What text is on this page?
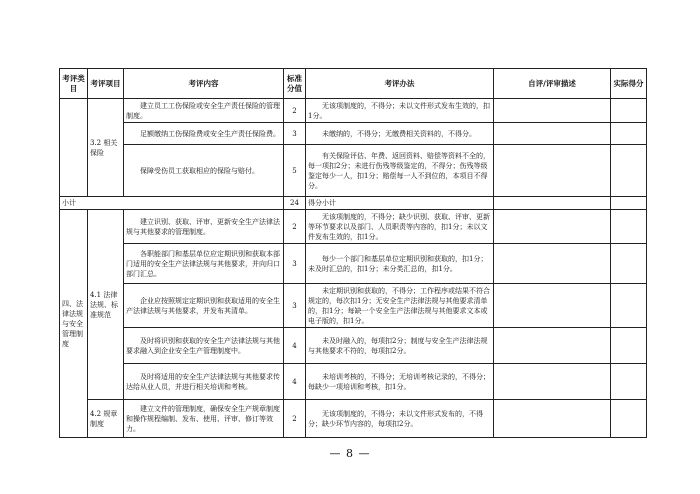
考评类目	考评项目	考评内容	标准分值	考评办法	自评/评审描述	实际得分
	3.2 相关保险	建立员工工伤保险或安全生产责任保险的管理制度。	2	无该项制度的，不得分；未以文件形式发布生效的，扣1分。		
		足额缴纳工伤保险费或安全生产责任保险费。	3	未缴纳的，不得分；无缴费相关资料的，不得分。		
		保障受伤员工获取相应的保险与赔付。	5	有关保险评估、年费、返回资料、赔偿等资料不全的，每一项扣2分；未进行伤残等级鉴定的，不得分；伤残等级鉴定每少一人，扣1分；赔偿每一人不到位的，本项目不得分。		
小计			24	得分小计		
四、法律法规与安全管理制度	4.1 法律法规、标准规范	建立识别、获取、评审、更新安全生产法律法规与其他要求的管理制度。	2	无该项制度的，不得分；缺少识别、获取、评审、更新等环节要求以及部门、人员职责等内容的，扣1分；未以文件发布生效的，扣1分。		
		各职能部门和基层单位应定期识别和获取本部门适用的安全生产法律法规与其他要求，并向归口部门汇总。	3	每少一个部门和基层单位定期识别和获取的，扣1分；未及时汇总的，扣1分；未分类汇总的，扣1分。		
		企业应按照规定定期识别和获取适用的安全生产法律法规与其他要求，并发布其清单。	3	未定期识别和获取的，不得分；工作程序或结果不符合规定的，每次扣1分；无安全生产法律法规与其他要求清单的，扣1分；每缺一个安全生产法律法规与其他要求文本或电子版的，扣1分。		
		及时将识别和获取的安全生产法律法规与其他要求融入到企业安全生产管理制度中。	4	未及时融入的，每项扣2分；制度与安全生产法律法规与其他要求不符的，每项扣2分。		
		及时将适用的安全生产法律法规与其他要求传达给从业人员，并进行相关培训和考核。	4	未培训考核的，不得分；无培训考核记录的，不得分；每缺少一项培训和考核，扣1分。		
	4.2 规章制度	建立文件的管理制度，确保安全生产规章制度和操作规程编制、发布、使用、评审、修订等效力。	2	无该项制度的，不得分；未以文件形式发布的，不得分；缺少环节内容的，每项扣2分。		
— 8 —
